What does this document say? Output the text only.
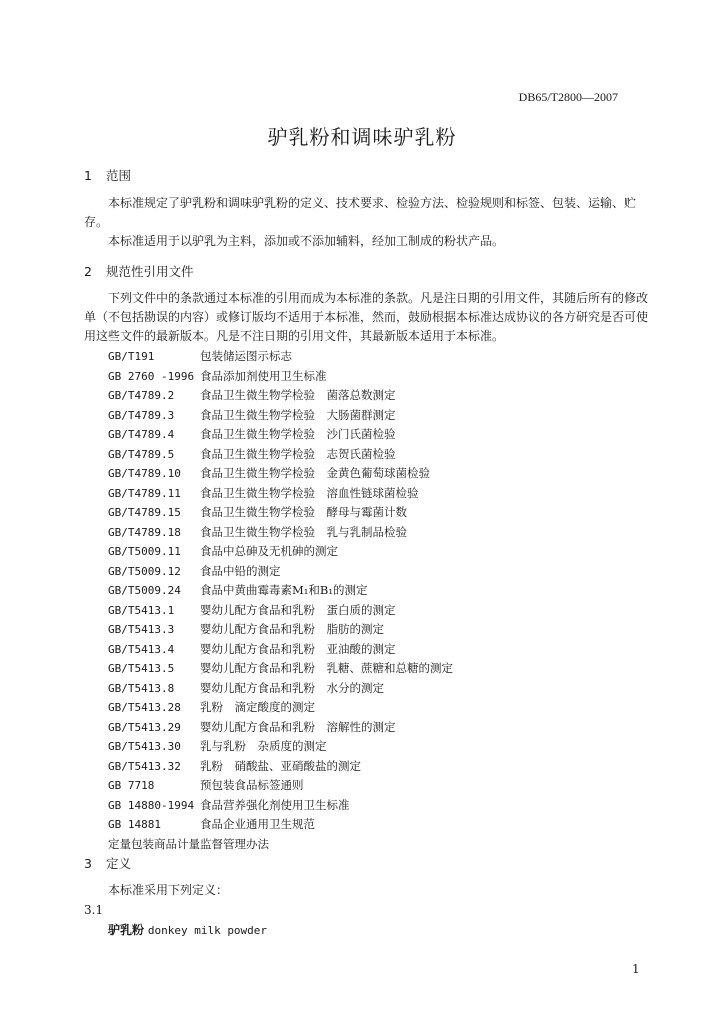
DB65/T2800—2007
驴乳粉和调味驴乳粉
1 范围
本标准规定了驴乳粉和调味驴乳粉的定义、技术要求、检验方法、检验规则和标签、包装、运输、贮存。
本标准适用于以驴乳为主料，添加或不添加辅料，经加工制成的粉状产品。
2 规范性引用文件
下列文件中的条款通过本标准的引用而成为本标准的条款。凡是注日期的引用文件，其随后所有的修改单（不包括勘误的内容）或修订版均不适用于本标准，然而，鼓励根据本标准达成协议的各方研究是否可使用这些文件的最新版本。凡是不注日期的引用文件，其最新版本适用于本标准。
GB/T191	包装储运图示标志
GB 2760 -1996 食品添加剂使用卫生标准
GB/T4789.2 食品卫生微生物学检验　菌落总数测定
GB/T4789.3 食品卫生微生物学检验　大肠菌群测定
GB/T4789.4 食品卫生微生物学检验　沙门氏菌检验
GB/T4789.5 食品卫生微生物学检验　志贺氏菌检验
GB/T4789.10 食品卫生微生物学检验　金黄色葡萄球菌检验
GB/T4789.11 食品卫生微生物学检验　溶血性链球菌检验
GB/T4789.15 食品卫生微生物学检验　酵母与霉菌计数
GB/T4789.18 食品卫生微生物学检验　乳与乳制品检验
GB/T5009.11 食品中总砷及无机砷的测定
GB/T5009.12 食品中铅的测定
GB/T5009.24 食品中黄曲霉毒素M₁和B₁的测定
GB/T5413.1 婴幼儿配方食品和乳粉　蛋白质的测定
GB/T5413.3 婴幼儿配方食品和乳粉　脂肪的测定
GB/T5413.4 婴幼儿配方食品和乳粉　亚油酸的测定
GB/T5413.5 婴幼儿配方食品和乳粉　乳糖、蔗糖和总糖的测定
GB/T5413.8 婴幼儿配方食品和乳粉　水分的测定
GB/T5413.28 乳粉　滴定酸度的测定
GB/T5413.29 婴幼儿配方食品和乳粉　溶解性的测定
GB/T5413.30 乳与乳粉　杂质度的测定
GB/T5413.32 乳粉　硝酸盐、亚硝酸盐的测定
GB 7718	预包装食品标签通则
GB 14880-1994 食品营养强化剂使用卫生标准
GB 14881	食品企业通用卫生规范
定量包装商品计量监督管理办法
3 定义
本标准采用下列定义：
3.1
驴乳粉 donkey milk powder
1
